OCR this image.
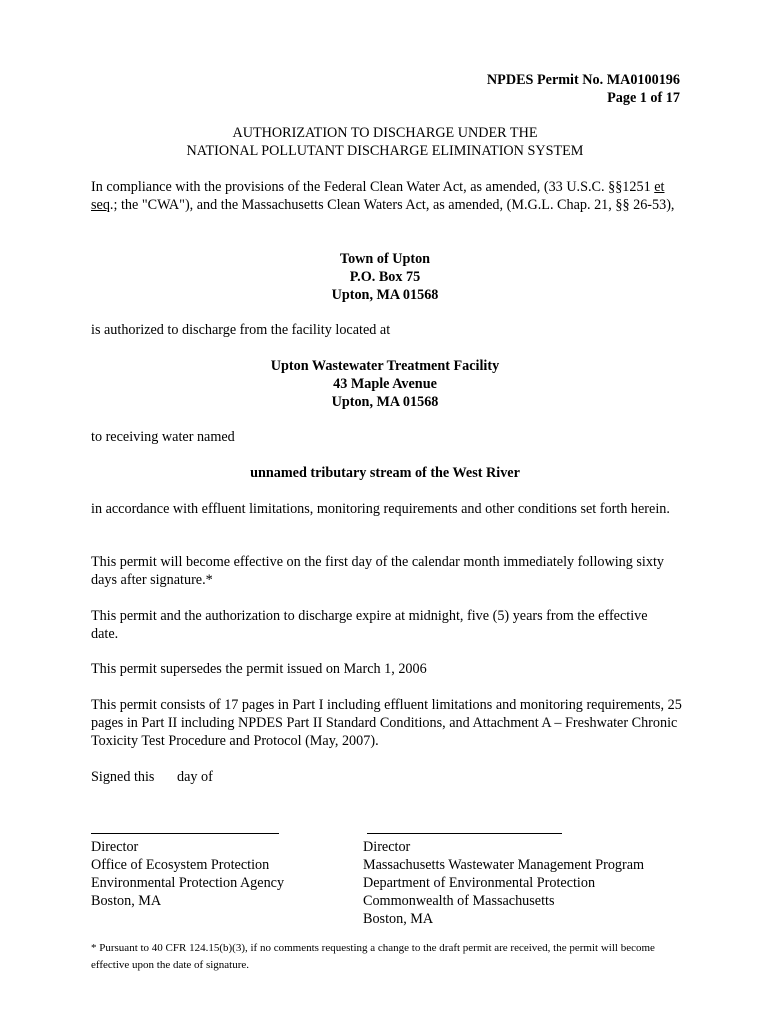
NPDES Permit No. MA0100196
Page 1 of 17
AUTHORIZATION TO DISCHARGE UNDER THE
NATIONAL POLLUTANT DISCHARGE ELIMINATION SYSTEM
In compliance with the provisions of the Federal Clean Water Act, as amended, (33 U.S.C. §§1251 et seq.; the "CWA"), and the Massachusetts Clean Waters Act, as amended, (M.G.L. Chap. 21, §§ 26-53),
Town of Upton
P.O. Box 75
Upton, MA 01568
is authorized to discharge from the facility located at
Upton Wastewater Treatment Facility
43 Maple Avenue
Upton, MA 01568
to receiving water named
unnamed tributary stream of the West River
in accordance with effluent limitations, monitoring requirements and other conditions set forth herein.
This permit will become effective on the first day of the calendar month immediately following sixty days after signature.*
This permit and the authorization to discharge expire at midnight, five (5) years from the effective date.
This permit supersedes the permit issued on March 1, 2006
This permit consists of 17 pages in Part I including effluent limitations and monitoring requirements, 25 pages in Part II including NPDES Part II Standard Conditions, and Attachment A – Freshwater Chronic Toxicity Test Procedure and Protocol (May, 2007).
Signed this day of
Director
Office of Ecosystem Protection
Environmental Protection Agency
Boston, MA
Director
Massachusetts Wastewater Management Program
Department of Environmental Protection
Commonwealth of Massachusetts
Boston, MA
* Pursuant to 40 CFR 124.15(b)(3), if no comments requesting a change to the draft permit are received, the permit will become effective upon the date of signature.
